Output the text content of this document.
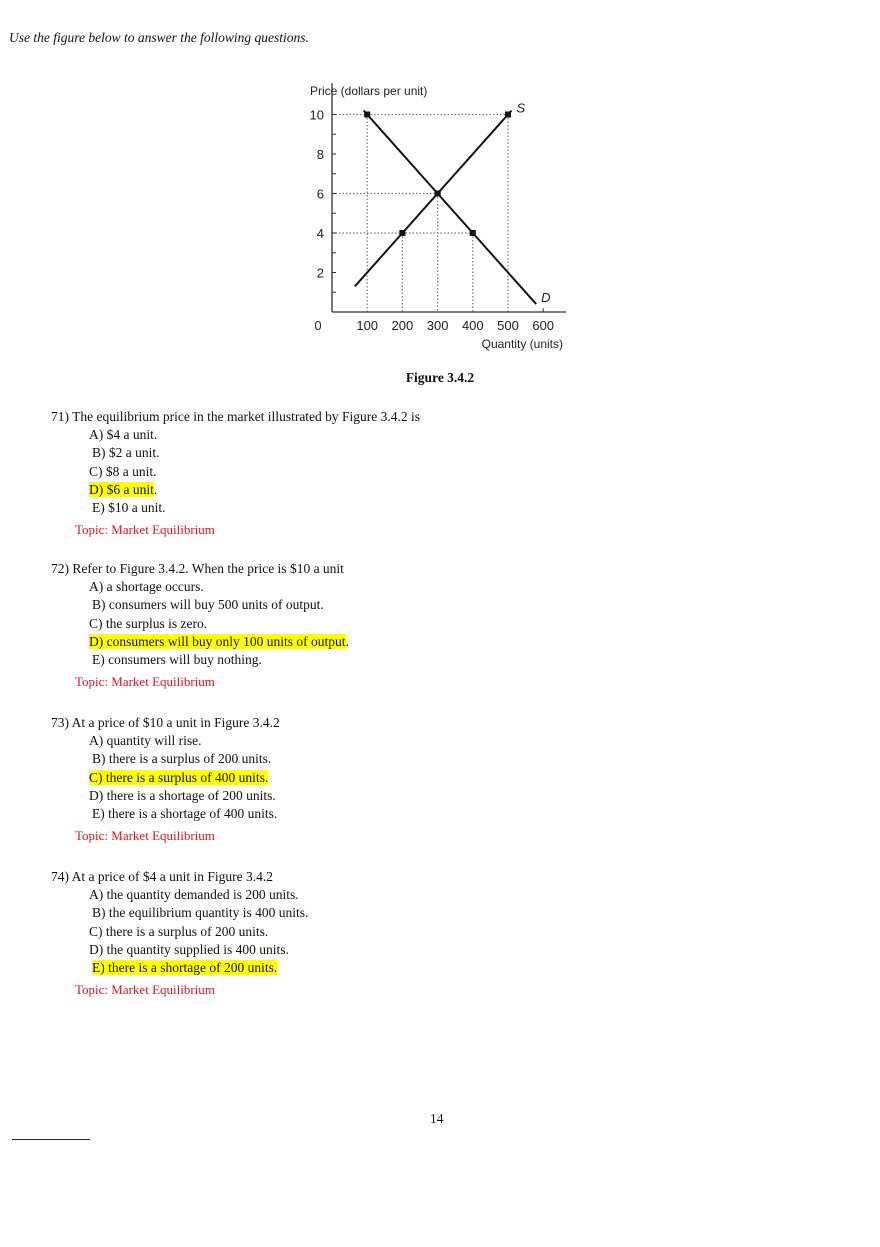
Use the figure below to answer the following questions.
2
4
6
8
10
100 200 300 400 500 600
0
Price (dollars per unit)
Quantity (units)
S
D
Figure 3.4.2
71) The equilibrium price in the market illustrated by Figure 3.4.2 is
A) $4 a unit.
B) $2 a unit.
C) $8 a unit.
D) $6 a unit.
E) $10 a unit.
Topic: Market Equilibrium
72) Refer to Figure 3.4.2. When the price is $10 a unit
A) a shortage occurs.
B) consumers will buy 500 units of output.
C) the surplus is zero.
D) consumers will buy only 100 units of output.
E) consumers will buy nothing.
Topic: Market Equilibrium
73) At a price of $10 a unit in Figure 3.4.2
A) quantity will rise.
B) there is a surplus of 200 units.
C) there is a surplus of 400 units.
D) there is a shortage of 200 units.
E) there is a shortage of 400 units.
Topic: Market Equilibrium
74) At a price of $4 a unit in Figure 3.4.2
A) the quantity demanded is 200 units.
B) the equilibrium quantity is 400 units.
C) there is a surplus of 200 units.
D) the quantity supplied is 400 units.
E) there is a shortage of 200 units.
Topic: Market Equilibrium
14
